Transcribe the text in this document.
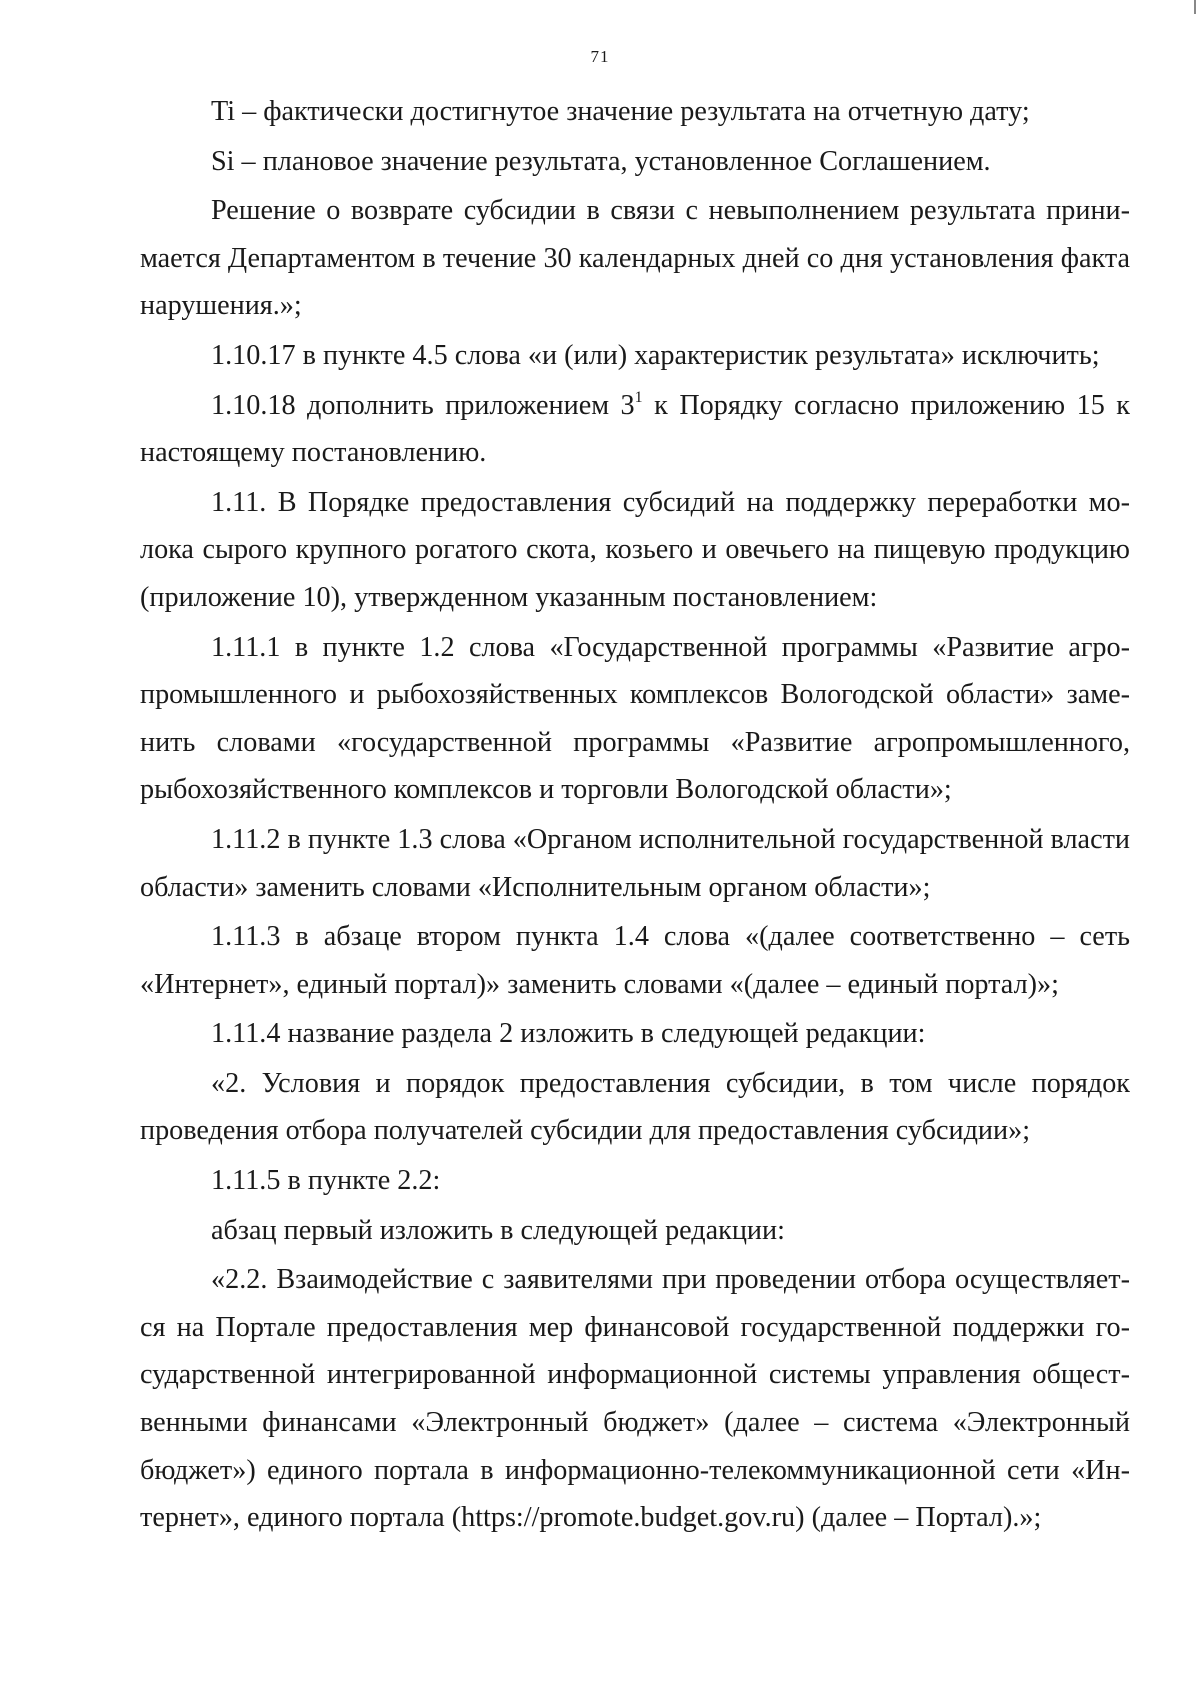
71

Ti – фактически достигнутое значение результата на отчетную дату;

Si – плановое значение результата, установленное Соглашением.

Решение о возврате субсидии в связи с невыполнением результата принимается Департаментом в течение 30 календарных дней со дня установления факта нарушения.»;

1.10.17 в пункте 4.5 слова «и (или) характеристик результата» исключить;

1.10.18 дополнить приложением $3^1$ к Порядку согласно приложению 15 к настоящему постановлению.

1.11. В Порядке предоставления субсидий на поддержку переработки молока сырого крупного рогатого скота, козьего и овечьего на пищевую продукцию (приложение 10), утвержденном указанным постановлением:

1.11.1 в пункте 1.2 слова «Государственной программы «Развитие агропромышленного и рыбохозяйственных комплексов Вологодской области» заменить словами «государственной программы «Развитие агропромышленного, рыбохозяйственного комплексов и торговли Вологодской области»;

1.11.2 в пункте 1.3 слова «Органом исполнительной государственной власти области» заменить словами «Исполнительным органом области»;

1.11.3 в абзаце втором пункта 1.4 слова «(далее соответственно – сеть «Интернет», единый портал)» заменить словами «(далее – единый портал)»;

1.11.4 название раздела 2 изложить в следующей редакции:

«2. Условия и порядок предоставления субсидии, в том числе порядок проведения отбора получателей субсидии для предоставления субсидии»;

1.11.5 в пункте 2.2:

абзац первый изложить в следующей редакции:

«2.2. Взаимодействие с заявителями при проведении отбора осуществляется на Портале предоставления мер финансовой государственной поддержки государственной интегрированной информационной системы управления общественными финансами «Электронный бюджет» (далее – система «Электронный бюджет») единого портала в информационно-телекоммуникационной сети «Интернет», единого портала (https://promote.budget.gov.ru) (далее – Портал).»;
